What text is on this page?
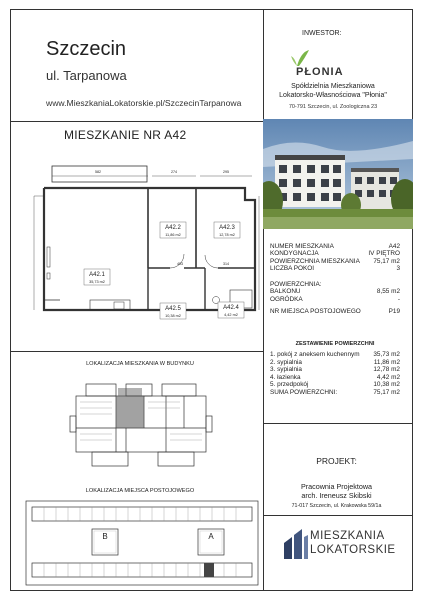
Szczecin
ul. Tarpanowa
www.MieszkaniaLokatorskie.pl/SzczecinTarpanowa
INWESTOR:
PŁONIA
Spółdzielnia Mieszkaniowa
Lokatorsko-Własnościowa "Płonia"
70-791 Szczecin, ul. Zoologiczna 23
MIESZKANIE NR A42
A42.2
11,86 m2
A42.3
12,78 m2
A42.1
35,73 m2
A42.5
10,38 m2
A42.4
4,42 m2
582	274	295
403	314
NUMER MIESZKANIA	A42
KONDYGNACJA	IV PIĘTRO
POWIERZCHNIA MIESZKANIA 75,17 m2
LICZBA POKOI	3
POWIERZCHNIA:
BALKONU	8,55 m2
OGRÓDKA	-
NR MIEJSCA POSTOJOWEGO	P19
ZESTAWIENIE POWIERZCHNI
1. pokój z aneksem kuchennym 35,73 m2
2. sypialnia	11,86 m2
3. sypialnia	12,78 m2
4. łazienka	4,42 m2
5. przedpokój	10,38 m2
SUMA POWIERZCHNI:	75,17 m2
LOKALIZACJA MIESZKANIA W BUDYNKU
LOKALIZACJA MIEJSCA POSTOJOWEGO
B	A
PROJEKT:
Pracownia Projektowa
arch. Ireneusz Skibski
71-017 Szczecin, ul. Krakowska 59/1a
MIESZKANIA
LOKATORSKIE
